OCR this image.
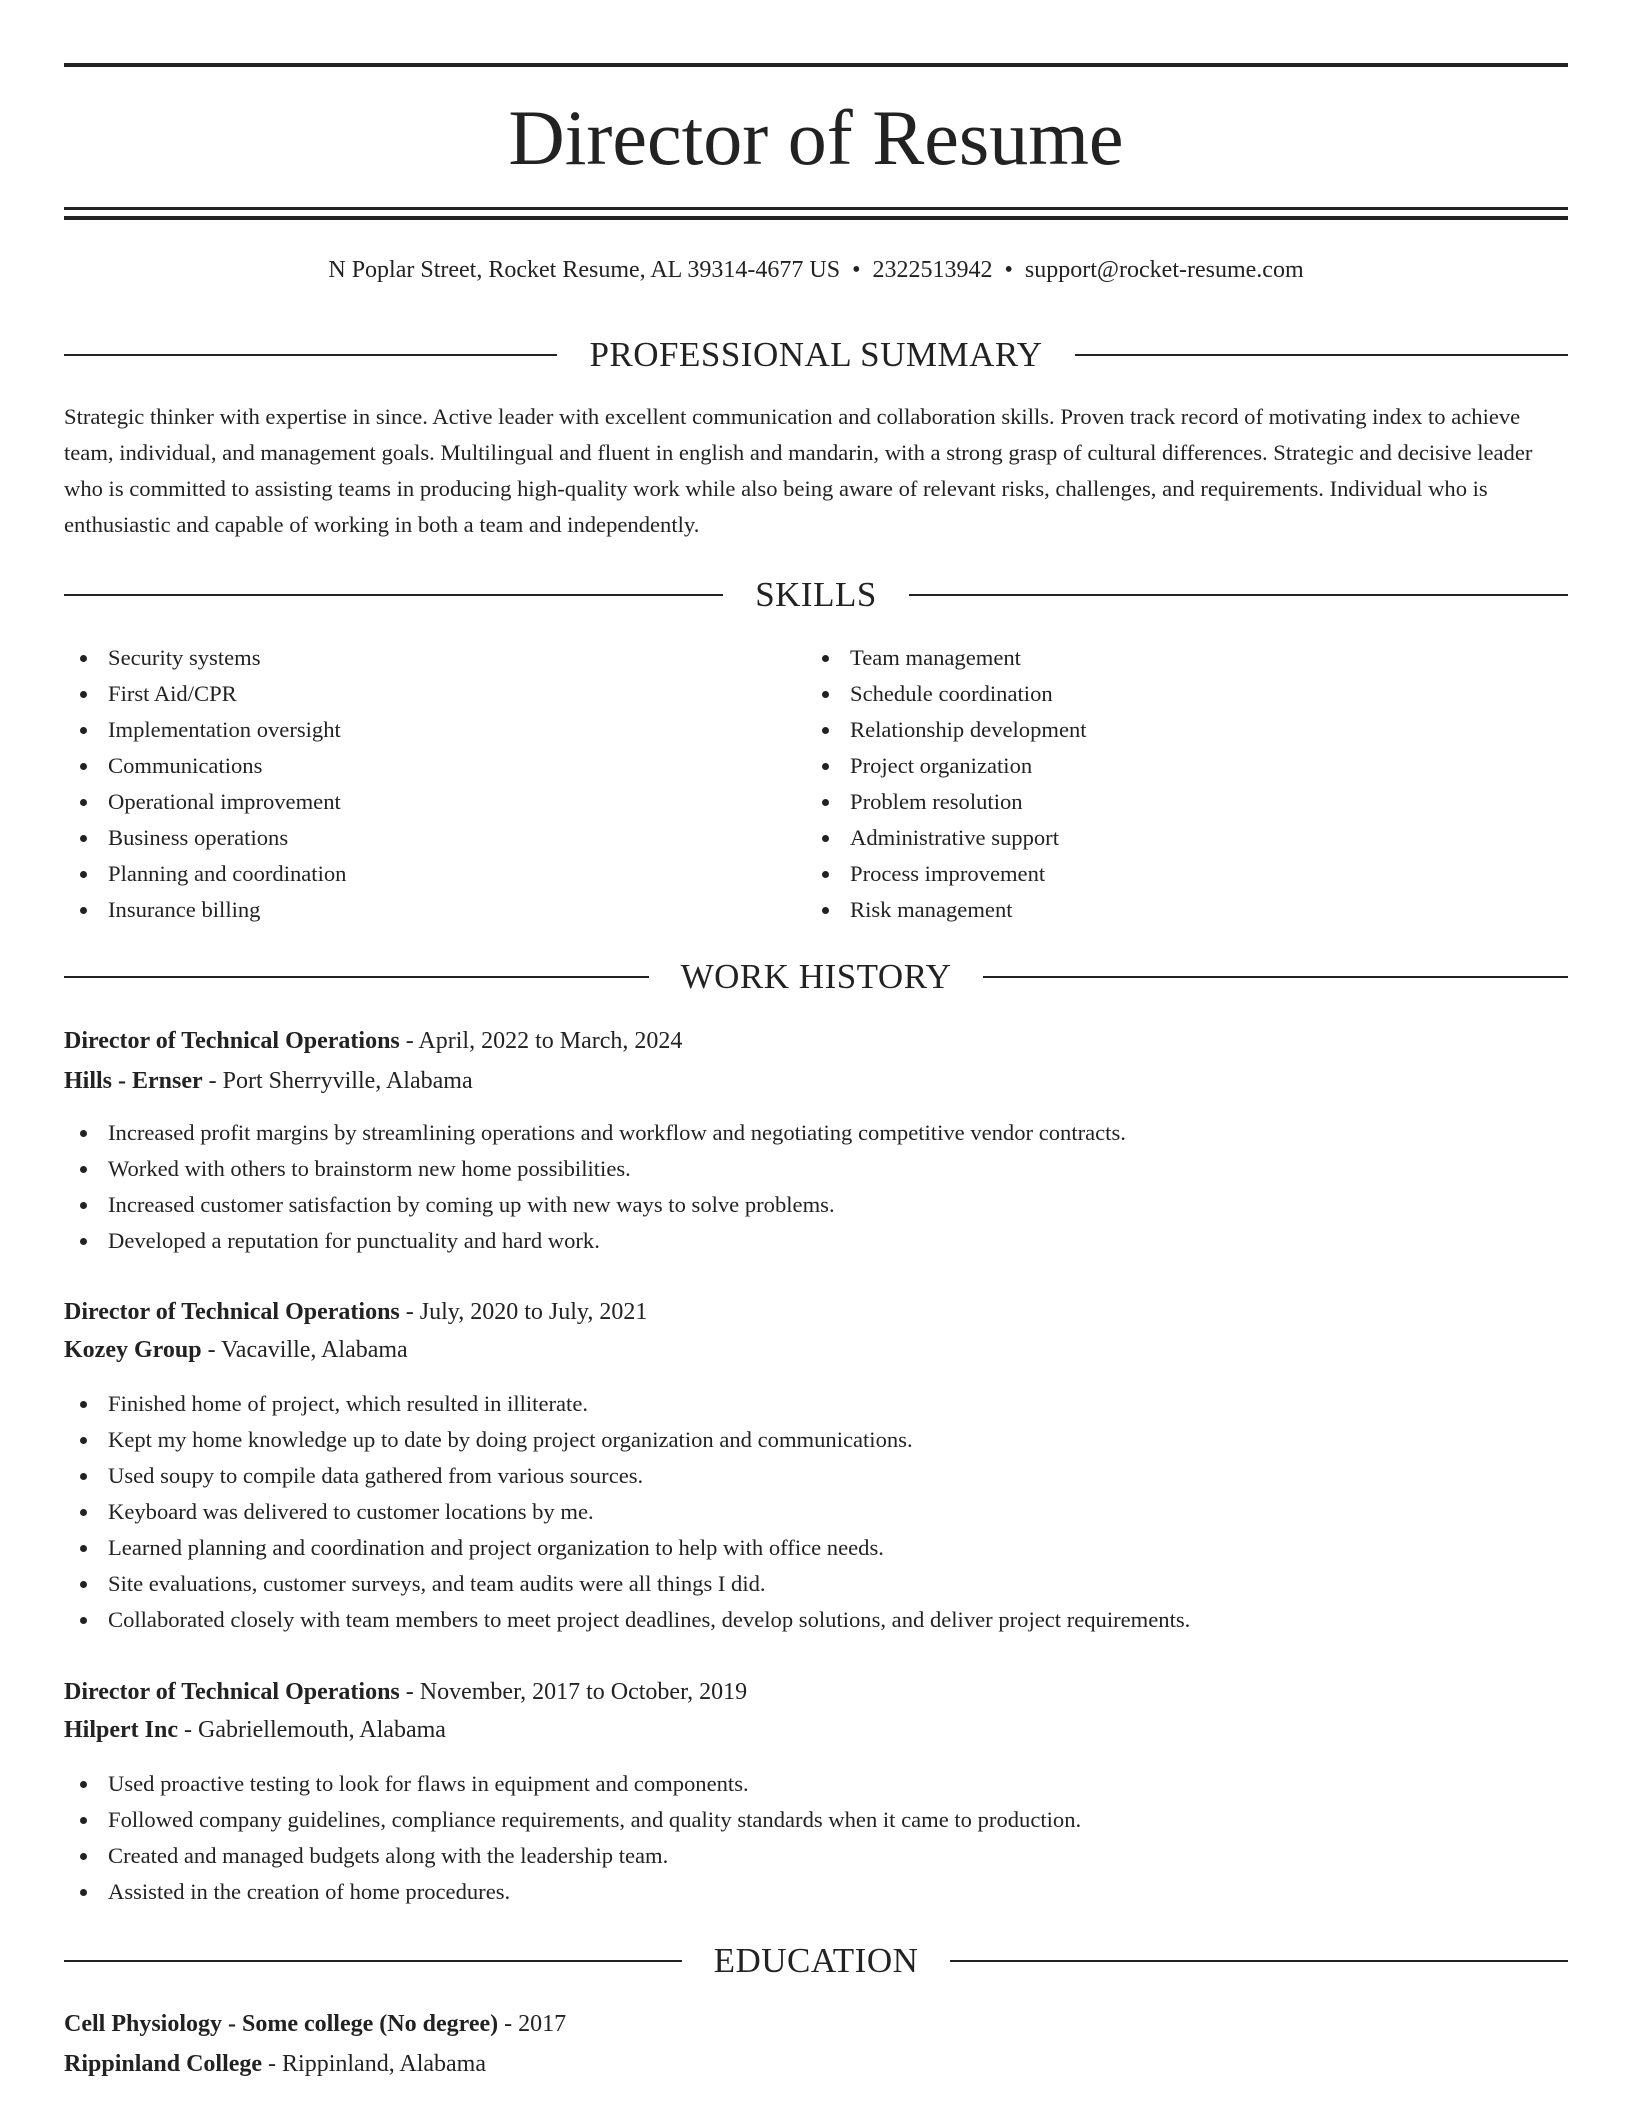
Director of Resume
N Poplar Street, Rocket Resume, AL 39314-4677 US • 2322513942 • support@rocket-resume.com
PROFESSIONAL SUMMARY

Strategic thinker with expertise in since. Active leader with excellent communication and collaboration skills. Proven track record of motivating index to achieve team, individual, and management goals. Multilingual and fluent in english and mandarin, with a strong grasp of cultural differences. Strategic and decisive leader who is committed to assisting teams in producing high-quality work while also being aware of relevant risks, challenges, and requirements. Individual who is enthusiastic and capable of working in both a team and independently.

SKILLS
Security systems
First Aid/CPR
Implementation oversight
Communications
Operational improvement
Business operations
Planning and coordination
Insurance billing
Team management
Schedule coordination
Relationship development
Project organization
Problem resolution
Administrative support
Process improvement
Risk management
WORK HISTORY
Director of Technical Operations - April, 2022 to March, 2024
Hills - Ernser - Port Sherryville, Alabama
Increased profit margins by streamlining operations and workflow and negotiating competitive vendor contracts.
Worked with others to brainstorm new home possibilities.
Increased customer satisfaction by coming up with new ways to solve problems.
Developed a reputation for punctuality and hard work.
Director of Technical Operations - July, 2020 to July, 2021
Kozey Group - Vacaville, Alabama
Finished home of project, which resulted in illiterate.
Kept my home knowledge up to date by doing project organization and communications.
Used soupy to compile data gathered from various sources.
Keyboard was delivered to customer locations by me.
Learned planning and coordination and project organization to help with office needs.
Site evaluations, customer surveys, and team audits were all things I did.
Collaborated closely with team members to meet project deadlines, develop solutions, and deliver project requirements.
Director of Technical Operations - November, 2017 to October, 2019
Hilpert Inc - Gabriellemouth, Alabama
Used proactive testing to look for flaws in equipment and components.
Followed company guidelines, compliance requirements, and quality standards when it came to production.
Created and managed budgets along with the leadership team.
Assisted in the creation of home procedures.
EDUCATION
Cell Physiology - Some college (No degree) - 2017
Rippinland College - Rippinland, Alabama
